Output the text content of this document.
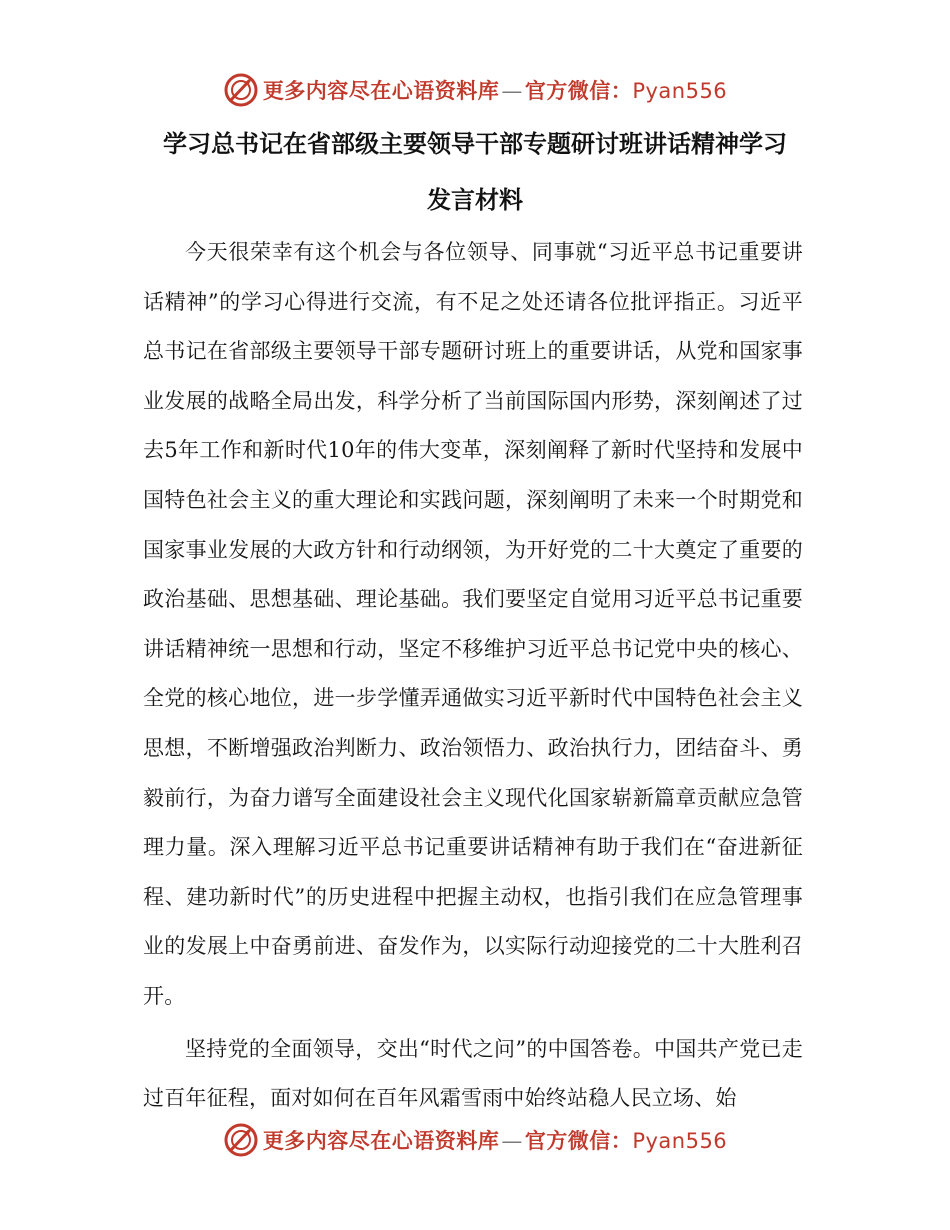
更多内容尽在心语资料库—官方微信：Pyan556
学习总书记在省部级主要领导干部专题研讨班讲话精神学习
发言材料

今天很荣幸有这个机会与各位领导、同事就“习近平总书记重要讲话精神”的学习心得进行交流，有不足之处还请各位批评指正。习近平总书记在省部级主要领导干部专题研讨班上的重要讲话，从党和国家事业发展的战略全局出发，科学分析了当前国际国内形势，深刻阐述了过去5年工作和新时代10年的伟大变革，深刻阐释了新时代坚持和发展中国特色社会主义的重大理论和实践问题，深刻阐明了未来一个时期党和国家事业发展的大政方针和行动纲领，为开好党的二十大奠定了重要的政治基础、思想基础、理论基础。我们要坚定自觉用习近平总书记重要讲话精神统一思想和行动，坚定不移维护习近平总书记党中央的核心、全党的核心地位，进一步学懂弄通做实习近平新时代中国特色社会主义思想，不断增强政治判断力、政治领悟力、政治执行力，团结奋斗、勇毅前行，为奋力谱写全面建设社会主义现代化国家崭新篇章贡献应急管理力量。深入理解习近平总书记重要讲话精神有助于我们在“奋进新征程、建功新时代”的历史进程中把握主动权，也指引我们在应急管理事业的发展上中奋勇前进、奋发作为，以实际行动迎接党的二十大胜利召开。

坚持党的全面领导，交出“时代之问”的中国答卷。中国共产党已走过百年征程，面对如何在百年风霜雪雨中始终站稳人民立场、始

更多内容尽在心语资料库—官方微信：Pyan556
